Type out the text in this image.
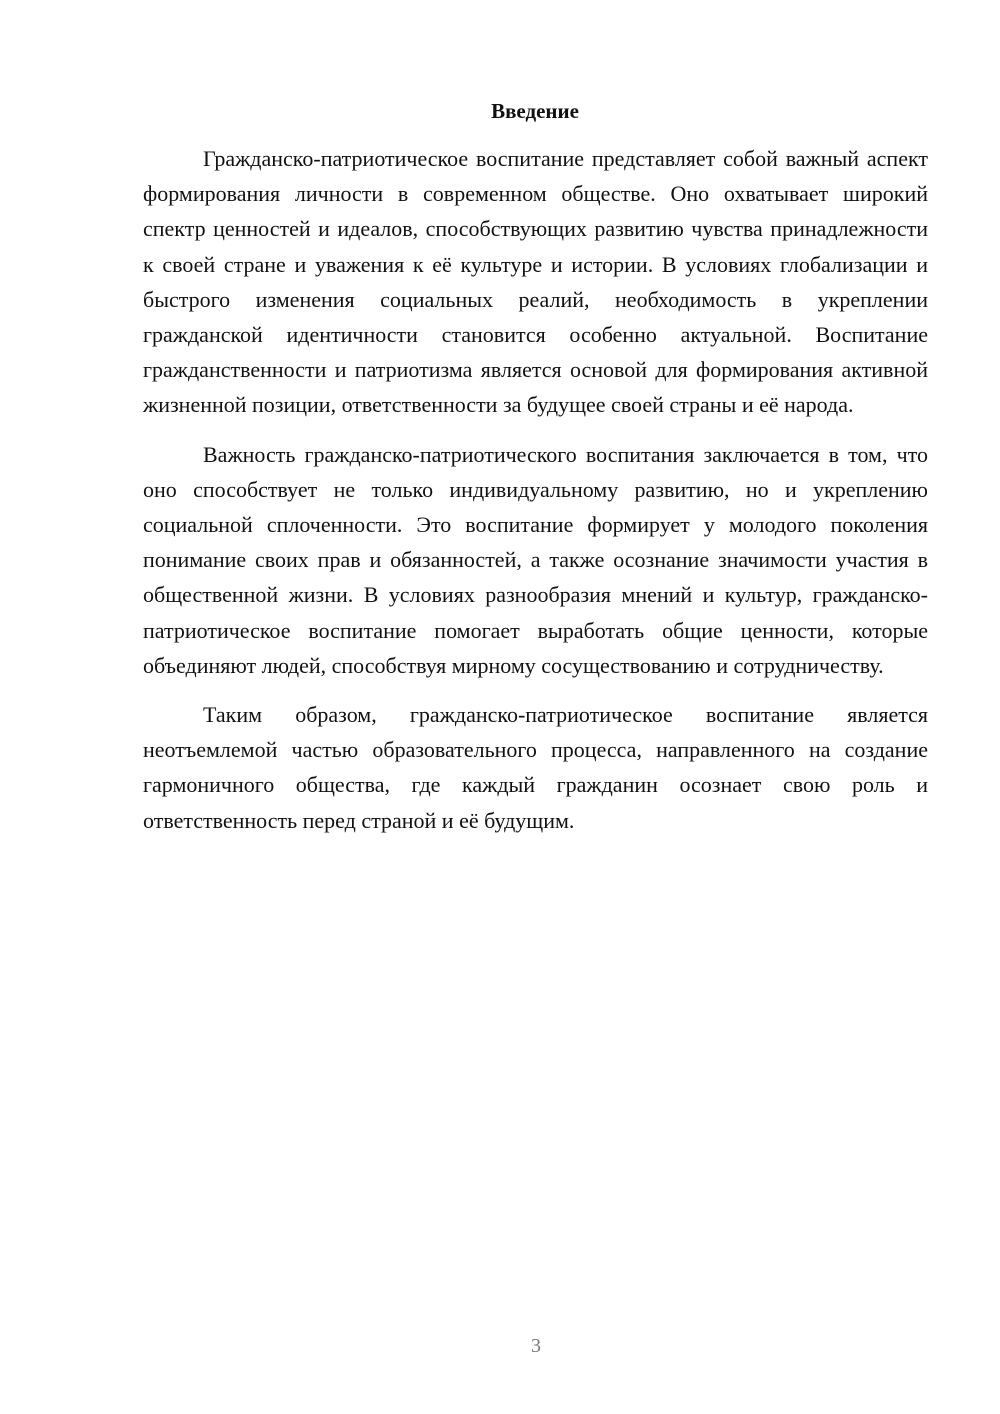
Введение

Гражданско-патриотическое воспитание представляет собой важный аспект формирования личности в современном обществе. Оно охватывает широкий спектр ценностей и идеалов, способствующих развитию чувства принадлежности к своей стране и уважения к её культуре и истории. В условиях глобализации и быстрого изменения социальных реалий, необходимость в укреплении гражданской идентичности становится особенно актуальной. Воспитание гражданственности и патриотизма является основой для формирования активной жизненной позиции, ответственности за будущее своей страны и её народа.

Важность гражданско-патриотического воспитания заключается в том, что оно способствует не только индивидуальному развитию, но и укреплению социальной сплоченности. Это воспитание формирует у молодого поколения понимание своих прав и обязанностей, а также осознание значимости участия в общественной жизни. В условиях разнообразия мнений и культур, гражданско-патриотическое воспитание помогает выработать общие ценности, которые объединяют людей, способствуя мирному сосуществованию и сотрудничеству.

Таким образом, гражданско-патриотическое воспитание является неотъемлемой частью образовательного процесса, направленного на создание гармоничного общества, где каждый гражданин осознает свою роль и ответственность перед страной и её будущим.

3
